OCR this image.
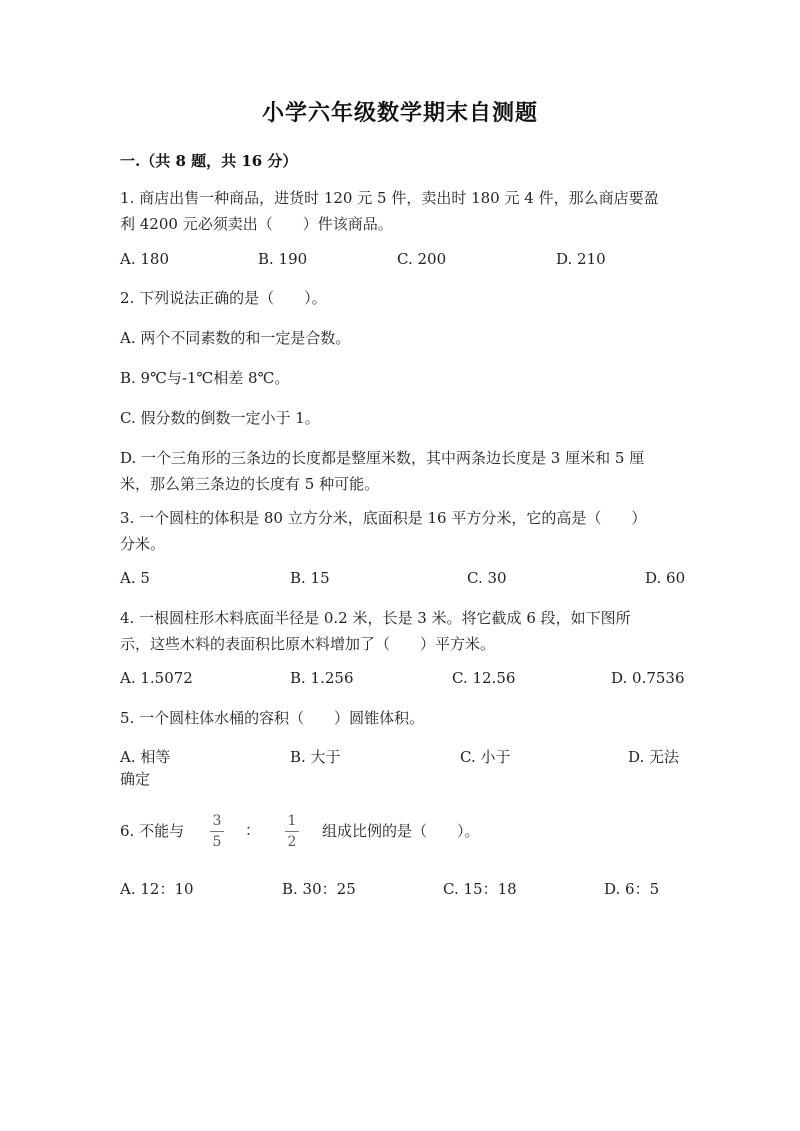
小学六年级数学期末自测题
一.（共 8 题，共 16 分）
1. 商店出售一种商品，进货时 120 元 5 件，卖出时 180 元 4 件，那么商店要盈
利 4200 元必须卖出（　　）件该商品。
A. 180	B. 190	C. 200	D. 210
2. 下列说法正确的是（　　）。
A. 两个不同素数的和一定是合数。
B. 9℃与-1℃相差 8℃。
C. 假分数的倒数一定小于 1。
D. 一个三角形的三条边的长度都是整厘米数，其中两条边长度是 3 厘米和 5 厘
米，那么第三条边的长度有 5 种可能。
3. 一个圆柱的体积是 80 立方分米，底面积是 16 平方分米，它的高是（　　）
分米。
A. 5	B. 15	C. 30	D. 60
4. 一根圆柱形木料底面半径是 0.2 米，长是 3 米。将它截成 6 段，如下图所
示，这些木料的表面积比原木料增加了（　　）平方米。
A. 1.5072	B. 1.256	C. 12.56	D. 0.7536
5. 一个圆柱体水桶的容积（　　）圆锥体积。
A. 相等	B. 大于	C. 小于	D. 无法
确定
6. 不能与
3
5
：	1
2
组成比例的是（　　）。
A. 12：10	B. 30：25	C. 15：18	D. 6：5
